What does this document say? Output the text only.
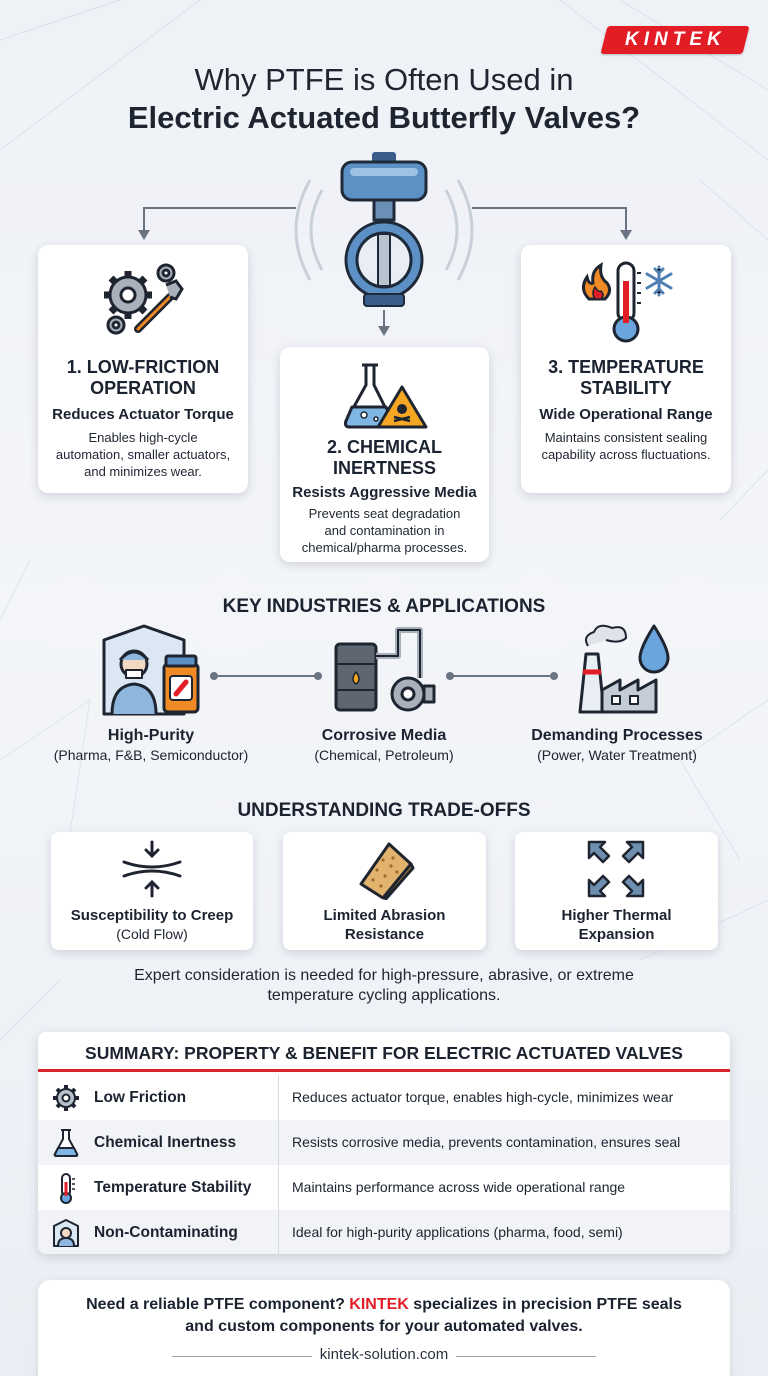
KINTEK
Why PTFE is Often Used in
Electric Actuated Butterfly Valves?
1. LOW-FRICTION
OPERATION
Reduces Actuator Torque

Enables high-cycle
automation, smaller actuators,
and minimizes wear.

2. CHEMICAL
INERTNESS
Resists Aggressive Media

Prevents seat degradation
and contamination in
chemical/pharma processes.

3. TEMPERATURE
STABILITY
Wide Operational Range

Maintains consistent sealing
capability across fluctuations.

KEY INDUSTRIES & APPLICATIONS
High-Purity
(Pharma, F&B, Semiconductor)
Corrosive Media
(Chemical, Petroleum)
Demanding Processes
(Power, Water Treatment)
UNDERSTANDING TRADE-OFFS
Susceptibility to Creep
(Cold Flow)
Limited Abrasion
Resistance
Higher Thermal
Expansion
Expert consideration is needed for high-pressure, abrasive, or extreme
temperature cycling applications.
SUMMARY: PROPERTY & BENEFIT FOR ELECTRIC ACTUATED VALVES
Low Friction	Reduces actuator torque, enables high-cycle, minimizes wear
Chemical Inertness	Resists corrosive media, prevents contamination, ensures seal
Temperature Stability	Maintains performance across wide operational range
Non-Contaminating	Ideal for high-purity applications (pharma, food, semi)
Need a reliable PTFE component? KINTEK specializes in precision PTFE seals
and custom components for your automated valves.
kintek-solution.com
